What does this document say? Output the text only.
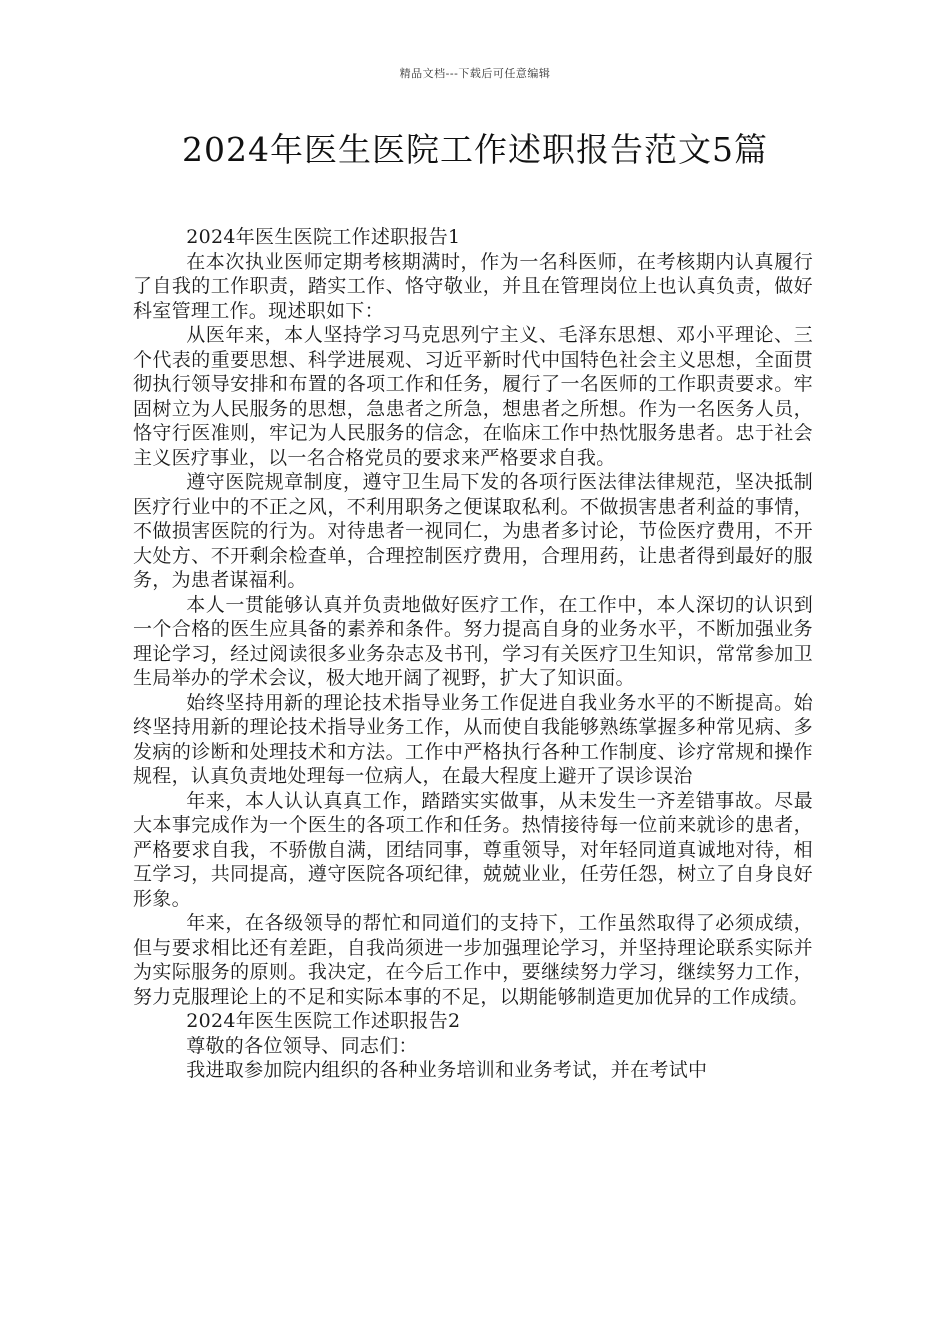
精品文档---下载后可任意编辑
2024年医生医院工作述职报告范文5篇

2024年医生医院工作述职报告1

在本次执业医师定期考核期满时，作为一名科医师，在考核期内认真履行了自我的工作职责，踏实工作、恪守敬业，并且在管理岗位上也认真负责，做好科室管理工作。现述职如下：

从医年来，本人坚持学习马克思列宁主义、毛泽东思想、邓小平理论、三个代表的重要思想、科学进展观、习近平新时代中国特色社会主义思想，全面贯彻执行领导安排和布置的各项工作和任务，履行了一名医师的工作职责要求。牢固树立为人民服务的思想，急患者之所急，想患者之所想。作为一名医务人员，恪守行医准则，牢记为人民服务的信念，在临床工作中热忱服务患者。忠于社会主义医疗事业，以一名合格党员的要求来严格要求自我。

遵守医院规章制度，遵守卫生局下发的各项行医法律法律规范，坚决抵制医疗行业中的不正之风，不利用职务之便谋取私利。不做损害患者利益的事情，不做损害医院的行为。对待患者一视同仁，为患者多讨论，节俭医疗费用，不开大处方、不开剩余检查单，合理控制医疗费用，合理用药，让患者得到最好的服务，为患者谋福利。

本人一贯能够认真并负责地做好医疗工作，在工作中，本人深切的认识到一个合格的医生应具备的素养和条件。努力提高自身的业务水平，不断加强业务理论学习，经过阅读很多业务杂志及书刊，学习有关医疗卫生知识，常常参加卫生局举办的学术会议，极大地开阔了视野，扩大了知识面。

始终坚持用新的理论技术指导业务工作促进自我业务水平的不断提高。始终坚持用新的理论技术指导业务工作，从而使自我能够熟练掌握多种常见病、多发病的诊断和处理技术和方法。工作中严格执行各种工作制度、诊疗常规和操作规程，认真负责地处理每一位病人，在最大程度上避开了误诊误治

年来，本人认认真真工作，踏踏实实做事，从未发生一齐差错事故。尽最大本事完成作为一个医生的各项工作和任务。热情接待每一位前来就诊的患者，严格要求自我，不骄傲自满，团结同事，尊重领导，对年轻同道真诚地对待，相互学习，共同提高，遵守医院各项纪律，兢兢业业，任劳任怨，树立了自身良好形象。

年来，在各级领导的帮忙和同道们的支持下，工作虽然取得了必须成绩，但与要求相比还有差距，自我尚须进一步加强理论学习，并坚持理论联系实际并为实际服务的原则。我决定，在今后工作中，要继续努力学习，继续努力工作，努力克服理论上的不足和实际本事的不足，以期能够制造更加优异的工作成绩。

2024年医生医院工作述职报告2

尊敬的各位领导、同志们：

我进取参加院内组织的各种业务培训和业务考试，并在考试中
